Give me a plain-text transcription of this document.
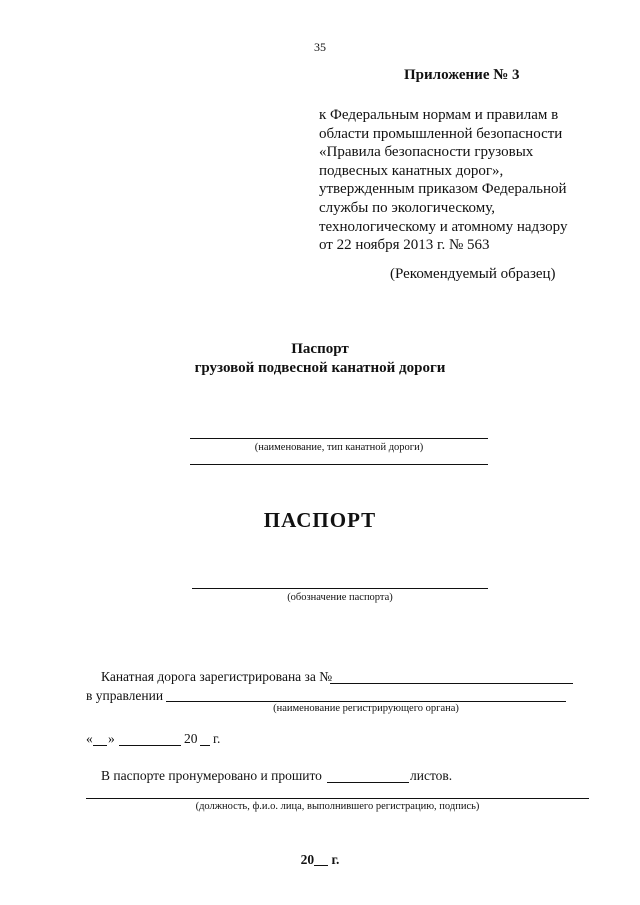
35
Приложение № 3
к Федеральным нормам и правилам в
области промышленной безопасности
«Правила безопасности грузовых
подвесных канатных дорог»,
утвержденным приказом Федеральной
службы по экологическому,
технологическому и атомному надзору
от 22 ноября 2013 г. № 563
(Рекомендуемый образец)
Паспорт
грузовой подвесной канатной дороги
(наименование, тип канатной дороги)
ПАСПОРТ
(обозначение паспорта)
Канатная дорога зарегистрирована за №
в управлении
(наименование регистрирующего органа)
« »	20 г.
В паспорте пронумеровано и прошито	листов.
(должность, ф.и.о. лица, выполнившего регистрацию, подпись)
20 г.
